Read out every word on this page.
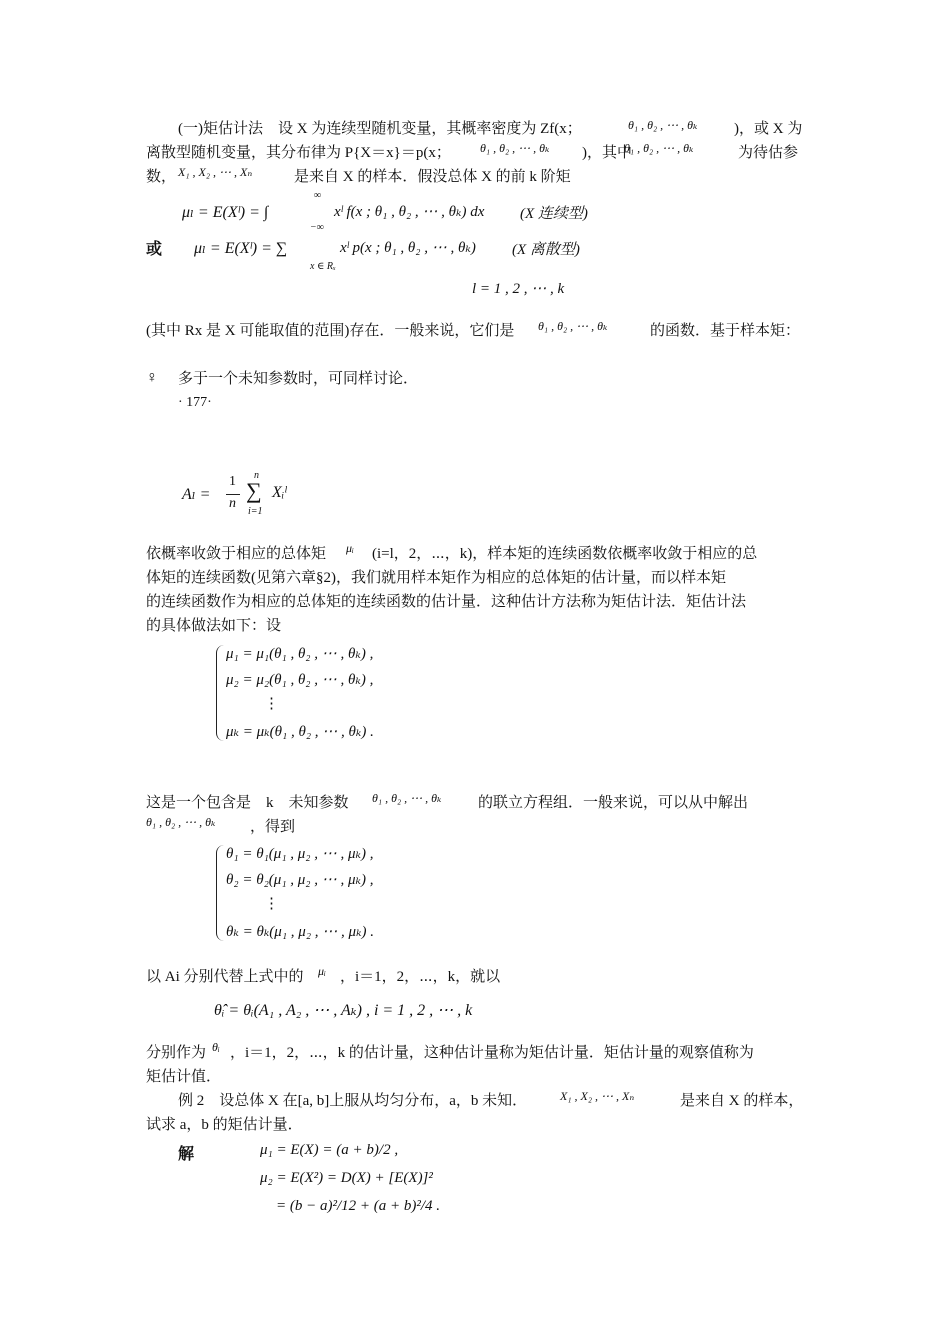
(一)矩估计法　设 X 为连续型随机变量，其概率密度为 Zf(x；	θ₁ , θ₂ , ⋯ , θₖ )，或 X 为
离散型随机变量，其分布律为 P{X＝x}＝p(x； θ₁ , θ₂ , ⋯ , θₖ )，其中
θ₁ , θ₂ , ⋯ , θₖ	为待估参
数， X₁ , X₂ , ⋯ , Xₙ	是来自 X 的样本．假没总体 X 的前 k 阶矩
μₗ = E(Xˡ) = ∫
∞
−∞
xˡ f(x ; θ₁ , θ₂ , ⋯ , θₖ) dx (X 连续型)
或 μₗ = E(Xˡ) = ∑
x ∈ Rₓ
xˡ p(x ; θ₁ , θ₂ , ⋯ , θₖ) (X 离散型)
l = 1 , 2 , ⋯ , k
(其中 Rx 是 X 可能取值的范围)存在．一般来说，它们是 θ₁ , θ₂ , ⋯ , θₖ	的函数．基于样本矩：
♀ 多于一个未知参数时，可同样讨论．
· 177·
Aₗ =
1
n
n
∑
i=1
Xᵢˡ
依概率收敛于相应的总体矩 μᵢ (i=l，2，⋯，k)，样本矩的连续函数依概率收敛于相应的总
体矩的连续函数(见第六章§2)，我们就用样本矩作为相应的总体矩的估计量，而以样本矩
的连续函数作为相应的总体矩的连续函数的估计量．这种估计方法称为矩估计法．矩估计法
的具体做法如下：设
μ₁ = μ₁(θ₁ , θ₂ , ⋯ , θₖ) ,
μ₂ = μ₂(θ₁ , θ₂ , ⋯ , θₖ) ,
⋮
μₖ = μₖ(θ₁ , θ₂ , ⋯ , θₖ) .
这是一个包含是　k　未知参数 θ₁ , θ₂ , ⋯ , θₖ 的联立方程组．一般来说，可以从中解出
θ₁ , θ₂ , ⋯ , θₖ ，得到
θ₁ = θ₁(μ₁ , μ₂ , ⋯ , μₖ) ,
θ₂ = θ₂(μ₁ , μ₂ , ⋯ , μₖ) ,
⋮
θₖ = θₖ(μ₁ , μ₂ , ⋯ , μₖ) .
以 Ai 分别代替上式中的 μᵢ ，i＝1，2，⋯，k，就以
θ̂ᵢ = θᵢ(A₁ , A₂ , ⋯ , Aₖ) , i = 1 , 2 , ⋯ , k
分别作为 θᵢ ，i＝1，2，⋯，k 的估计量，这种估计量称为矩估计量．矩估计量的观察值称为
矩估计值．
例 2　设总体 X 在[a, b]上服从均匀分布，a，b 未知．	X₁ , X₂ , ⋯ , Xₙ	是来自 X 的样本，
试求 a，b 的矩估计量．
解	μ₁ = E(X) = (a + b)/2 ,
μ₂ = E(X²) = D(X) + [E(X)]²
= (b − a)²/12 + (a + b)²/4 .
